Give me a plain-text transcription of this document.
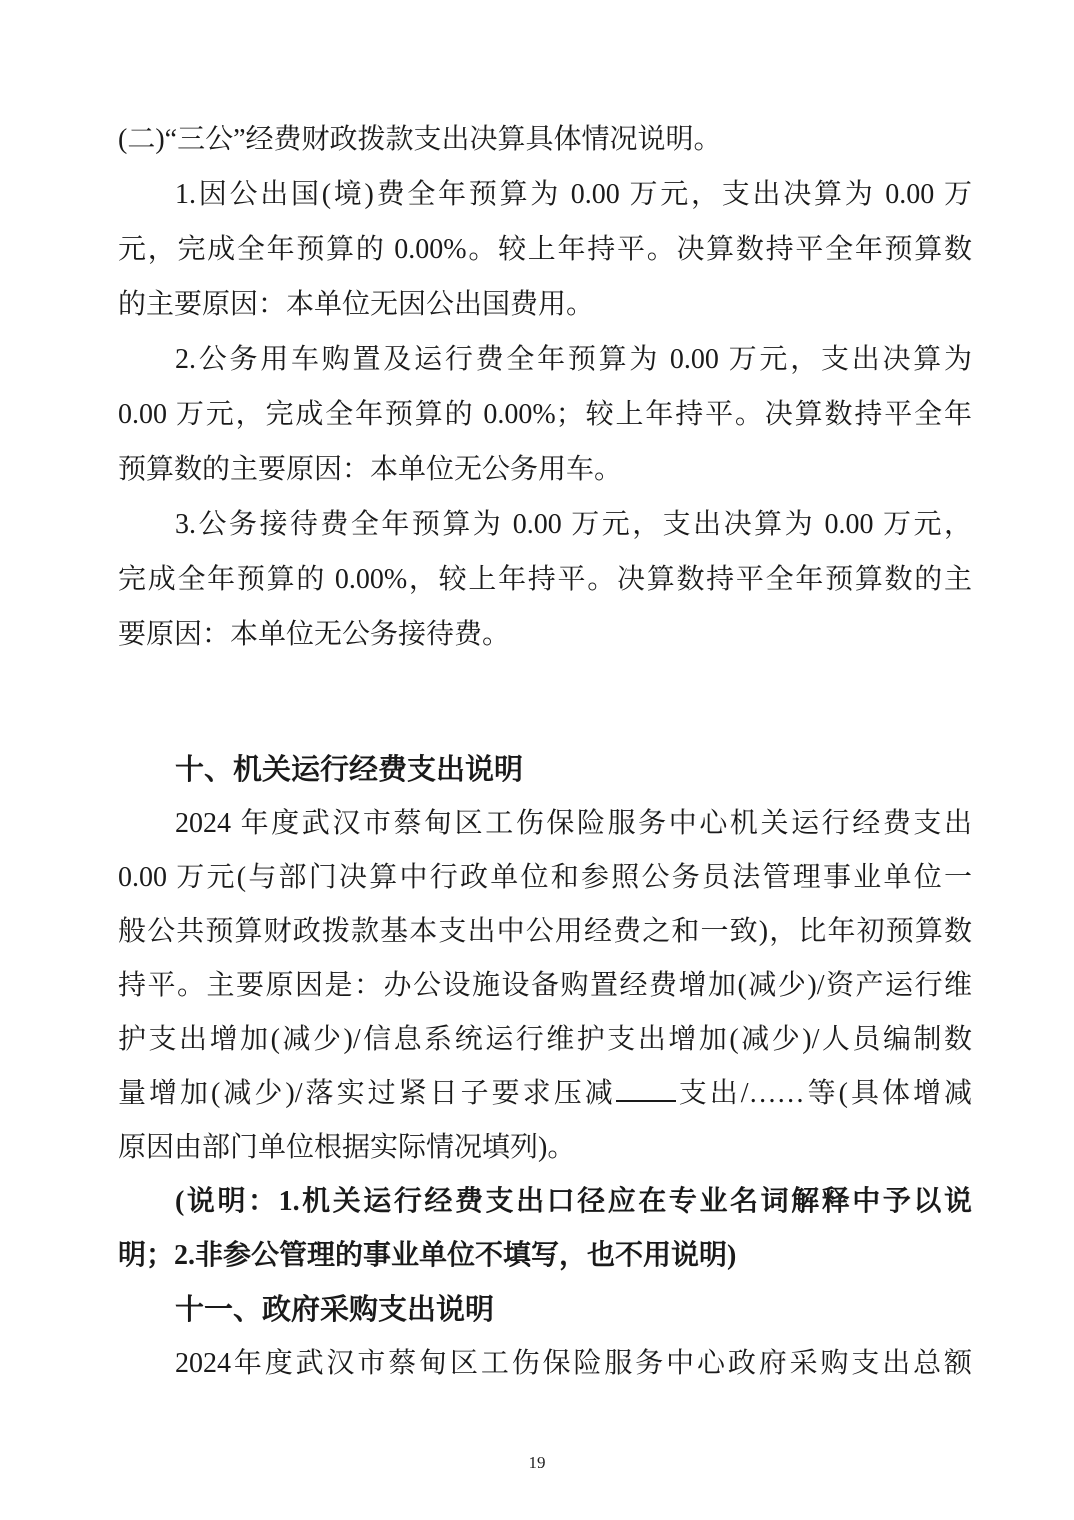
(二)“三公”经费财政拨款支出决算具体情况说明。
1.因公出国(境)费全年预算为 0.00 万元，支出决算为 0.00 万
元，完成全年预算的 0.00%。较上年持平。决算数持平全年预算数
的主要原因：本单位无因公出国费用。
2.公务用车购置及运行费全年预算为 0.00 万元，支出决算为
0.00 万元，完成全年预算的 0.00%；较上年持平。决算数持平全年
预算数的主要原因：本单位无公务用车。
3.公务接待费全年预算为 0.00 万元，支出决算为 0.00 万元，
完成全年预算的 0.00%，较上年持平。决算数持平全年预算数的主
要原因：本单位无公务接待费。
十、机关运行经费支出说明
2024 年度武汉市蔡甸区工伤保险服务中心机关运行经费支出
0.00 万元(与部门决算中行政单位和参照公务员法管理事业单位一
般公共预算财政拨款基本支出中公用经费之和一致)，比年初预算数
持平。主要原因是：办公设施设备购置经费增加(减少)/资产运行维
护支出增加(减少)/信息系统运行维护支出增加(减少)/人员编制数
量增加(减少)/落实过紧日子要求压减 支出/……等(具体增减
原因由部门单位根据实际情况填列)。
(说明：1.机关运行经费支出口径应在专业名词解释中予以说
明；2.非参公管理的事业单位不填写，也不用说明)
十一、政府采购支出说明
2024年度武汉市蔡甸区工伤保险服务中心政府采购支出总额
19
